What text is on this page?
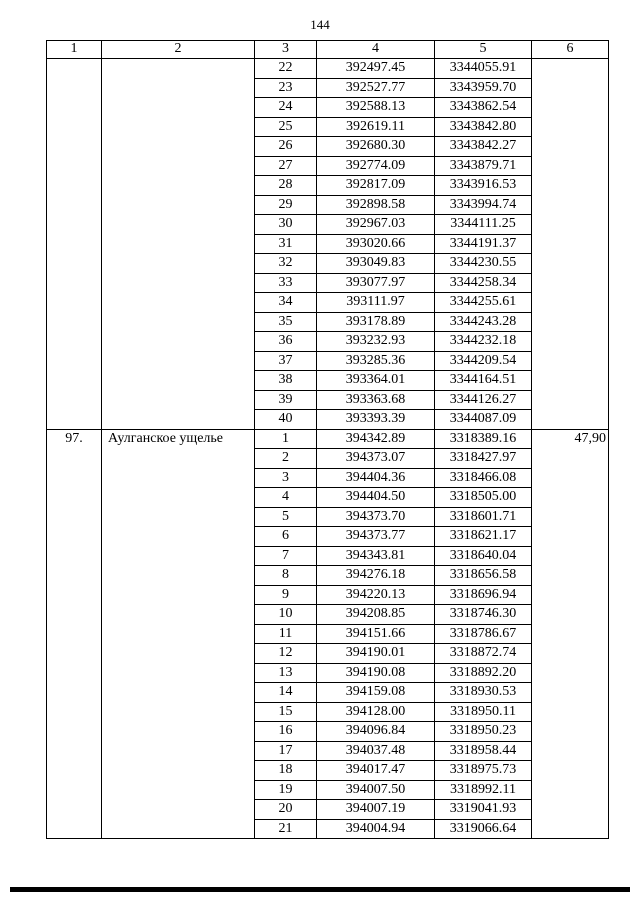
144
1	2	3	4	5	6
		22	392497.45	3344055.91	
		23	392527.77	3343959.70	
		24	392588.13	3343862.54	
		25	392619.11	3343842.80	
		26	392680.30	3343842.27	
		27	392774.09	3343879.71	
		28	392817.09	3343916.53	
		29	392898.58	3343994.74	
		30	392967.03	3344111.25	
		31	393020.66	3344191.37	
		32	393049.83	3344230.55	
		33	393077.97	3344258.34	
		34	393111.97	3344255.61	
		35	393178.89	3344243.28	
		36	393232.93	3344232.18	
		37	393285.36	3344209.54	
		38	393364.01	3344164.51	
		39	393363.68	3344126.27	
		40	393393.39	3344087.09	
97.	Аулганское ущелье	1	394342.89	3318389.16	47,90
		2	394373.07	3318427.97	
		3	394404.36	3318466.08	
		4	394404.50	3318505.00	
		5	394373.70	3318601.71	
		6	394373.77	3318621.17	
		7	394343.81	3318640.04	
		8	394276.18	3318656.58	
		9	394220.13	3318696.94	
		10	394208.85	3318746.30	
		11	394151.66	3318786.67	
		12	394190.01	3318872.74	
		13	394190.08	3318892.20	
		14	394159.08	3318930.53	
		15	394128.00	3318950.11	
		16	394096.84	3318950.23	
		17	394037.48	3318958.44	
		18	394017.47	3318975.73	
		19	394007.50	3318992.11	
		20	394007.19	3319041.93	
		21	394004.94	3319066.64	
